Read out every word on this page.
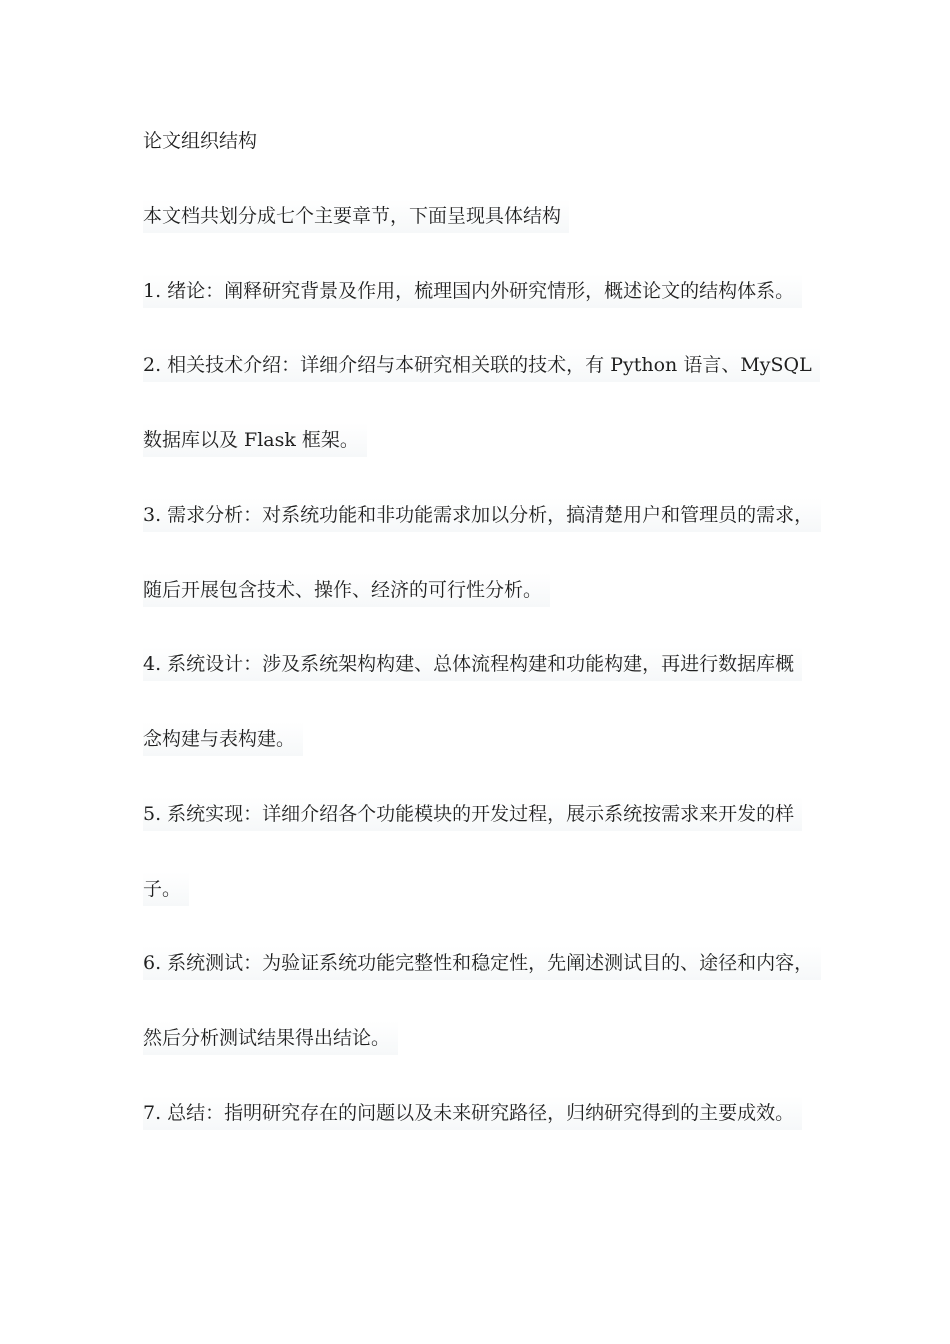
论文组织结构
本文档共划分成七个主要章节，下面呈现具体结构
1. 绪论：阐释研究背景及作用，梳理国内外研究情形，概述论文的结构体系。
2. 相关技术介绍：详细介绍与本研究相关联的技术，有 Python 语言、MySQL
数据库以及 Flask 框架。
3. 需求分析：对系统功能和非功能需求加以分析，搞清楚用户和管理员的需求，
随后开展包含技术、操作、经济的可行性分析。
4. 系统设计：涉及系统架构构建、总体流程构建和功能构建，再进行数据库概
念构建与表构建。
5. 系统实现：详细介绍各个功能模块的开发过程，展示系统按需求来开发的样
子。
6. 系统测试：为验证系统功能完整性和稳定性，先阐述测试目的、途径和内容，
然后分析测试结果得出结论。
7. 总结：指明研究存在的问题以及未来研究路径，归纳研究得到的主要成效。
